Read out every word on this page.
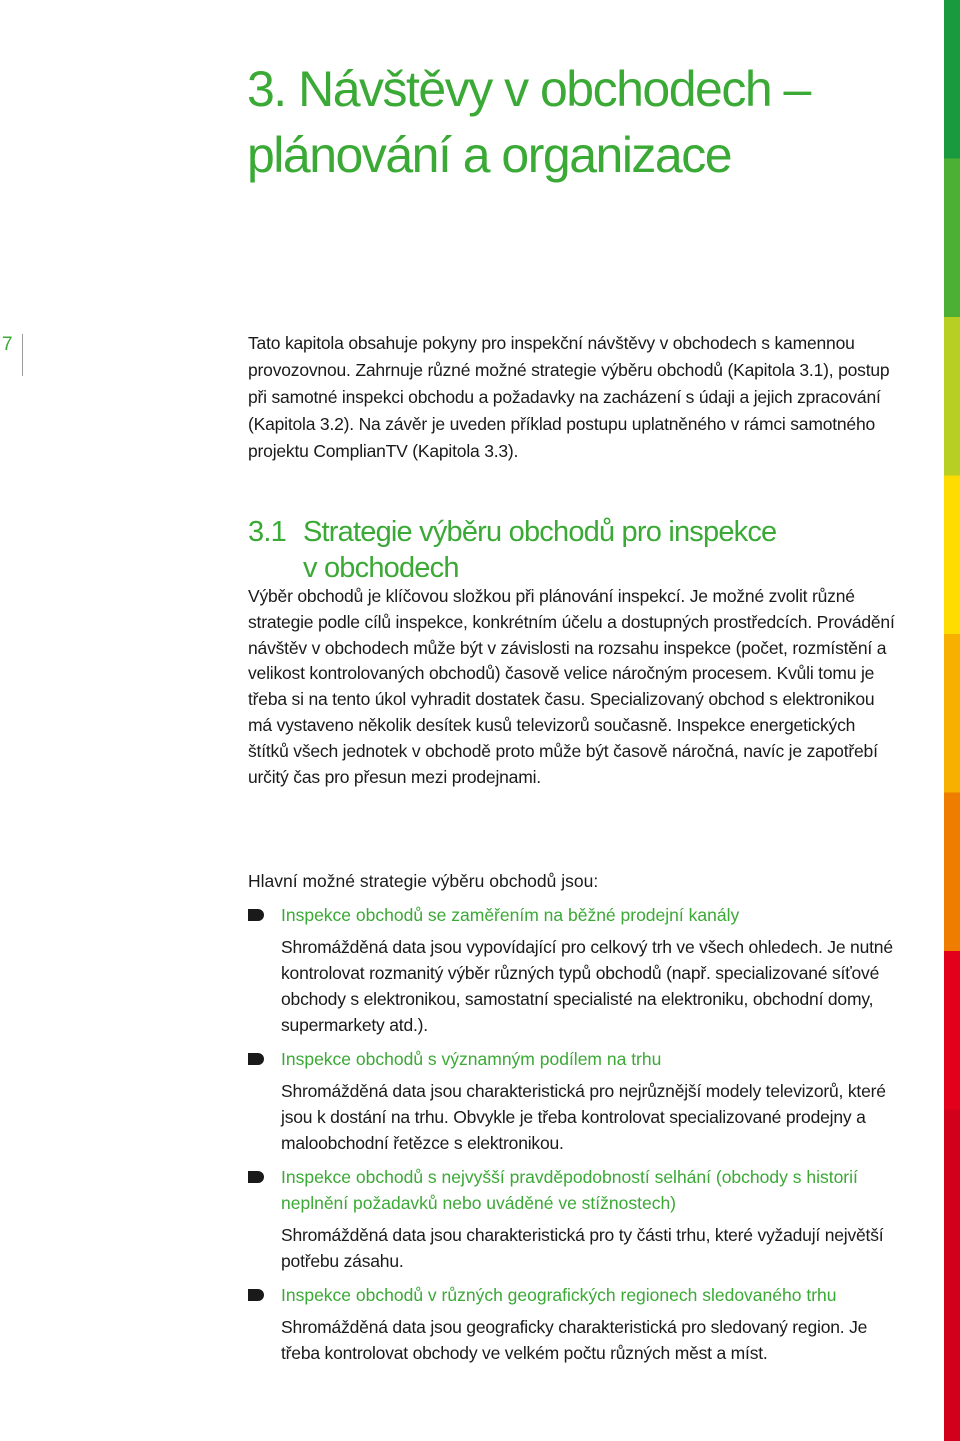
3. Návštěvy v obchodech –
plánování a organizace
7	Tato kapitola obsahuje pokyny pro inspekční návštěvy v obchodech s kamennou provozovnou. Zahrnuje různé možné strategie výběru obchodů (Kapitola 3.1), postup při samotné inspekci obchodu a požadavky na zacházení s údaji a jejich zpracování (Kapitola 3.2). Na závěr je uveden příklad postupu uplatněného v rámci samotného projektu ComplianTV (Kapitola 3.3).

3.1 Strategie výběru obchodů pro inspekce
v obchodech

Výběr obchodů je klíčovou složkou při plánování inspekcí. Je možné zvolit různé strategie podle cílů inspekce, konkrétním účelu a dostupných prostředcích. Provádění návštěv v obchodech může být v závislosti na rozsahu inspekce (počet, rozmístění a velikost kontrolovaných obchodů) časově velice náročným procesem. Kvůli tomu je třeba si na tento úkol vyhradit dostatek času. Specializovaný obchod s elektronikou má vystaveno několik desítek kusů televizorů současně. Inspekce energetických štítků všech jednotek v obchodě proto může být časově náročná, navíc je zapotřebí určitý čas pro přesun mezi prodejnami.

Hlavní možné strategie výběru obchodů jsou:

Inspekce obchodů se zaměřením na běžné prodejní kanály

Shromážděná data jsou vypovídající pro celkový trh ve všech ohledech. Je nutné kontrolovat rozmanitý výběr různých typů obchodů (např. specializované síťové obchody s elektronikou, samostatní specialisté na elektroniku, obchodní domy, supermarkety atd.).

Inspekce obchodů s významným podílem na trhu

Shromážděná data jsou charakteristická pro nejrůznější modely televizorů, které jsou k dostání na trhu. Obvykle je třeba kontrolovat specializované prodejny a maloobchodní řetězce s elektronikou.

Inspekce obchodů s nejvyšší pravděpodobností selhání (obchody s historií neplnění požadavků nebo uváděné ve stížnostech)

Shromážděná data jsou charakteristická pro ty části trhu, které vyžadují největší potřebu zásahu.

Inspekce obchodů v různých geografických regionech sledovaného trhu

Shromážděná data jsou geograficky charakteristická pro sledovaný region. Je třeba kontrolovat obchody ve velkém počtu různých měst a míst.
